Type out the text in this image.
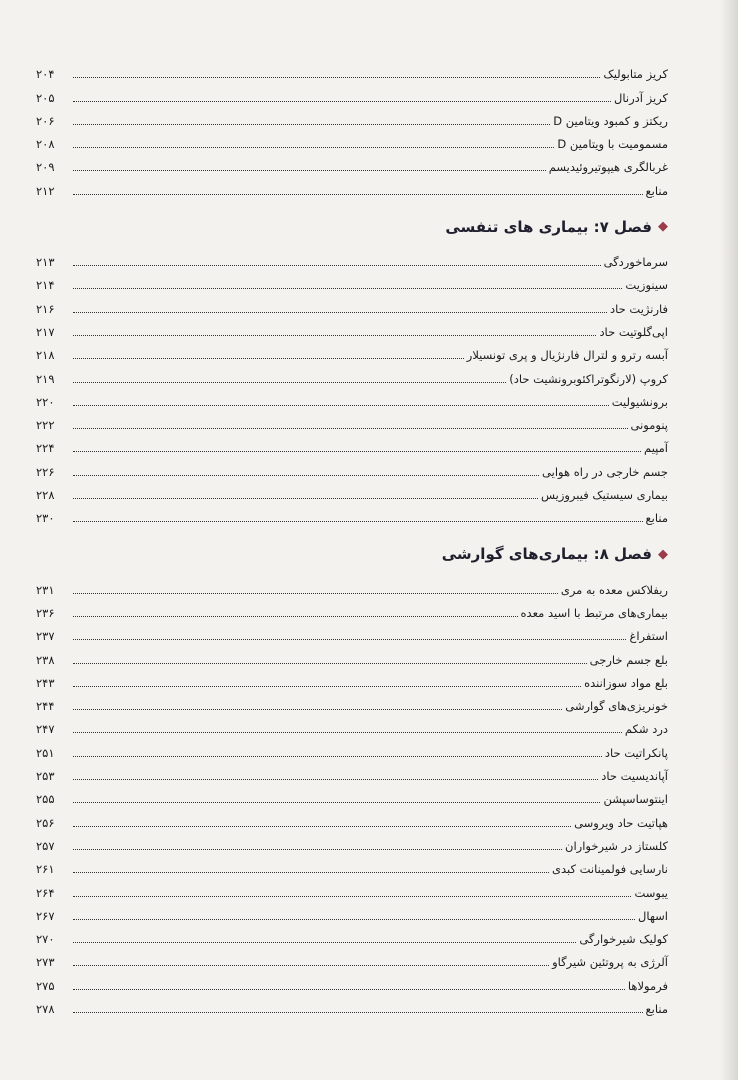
کریز متابولیک
۲۰۴
کریز آدرنال
۲۰۵
ریکتز و کمبود ویتامین D
۲۰۶
مسمومیت با ویتامین D
۲۰۸
غربالگری هیپوتیروئیدیسم
۲۰۹
منابع
۲۱۲
◆
فصل ۷: بیماری های تنفسی
سرماخوردگی
۲۱۳
سینوزیت
۲۱۴
فارنژیت حاد
۲۱۶
اپی‌گلوتیت حاد
۲۱۷
آبسه رترو و لترال فارنژیال و پری تونسیلار
۲۱۸
کروپ (لارنگوتراکئوبرونشیت حاد)
۲۱۹
برونشیولیت
۲۲۰
پنومونی
۲۲۲
آمپیم
۲۲۴
جسم خارجی در راه هوایی
۲۲۶
بیماری سیستیک فیبروزیس
۲۲۸
منابع
۲۳۰
◆
فصل ۸: بیماری‌های گوارشی
ریفلاکس معده به مری
۲۳۱
بیماری‌های مرتبط با اسید معده
۲۳۶
استفراغ
۲۳۷
بلع جسم خارجی
۲۳۸
بلع مواد سوزاننده
۲۴۳
خونریزی‌های گوارشی
۲۴۴
درد شکم
۲۴۷
پانکراتیت حاد
۲۵۱
آپاندیسیت حاد
۲۵۳
اینتوساسپشن
۲۵۵
هپاتیت حاد ویروسی
۲۵۶
کلستاز در شیرخواران
۲۵۷
نارسایی فولمینانت کبدی
۲۶۱
یبوست
۲۶۴
اسهال
۲۶۷
کولیک شیرخوارگی
۲۷۰
آلرژی به پروتئین شیرگاو
۲۷۳
فرمولاها
۲۷۵
منابع
۲۷۸
